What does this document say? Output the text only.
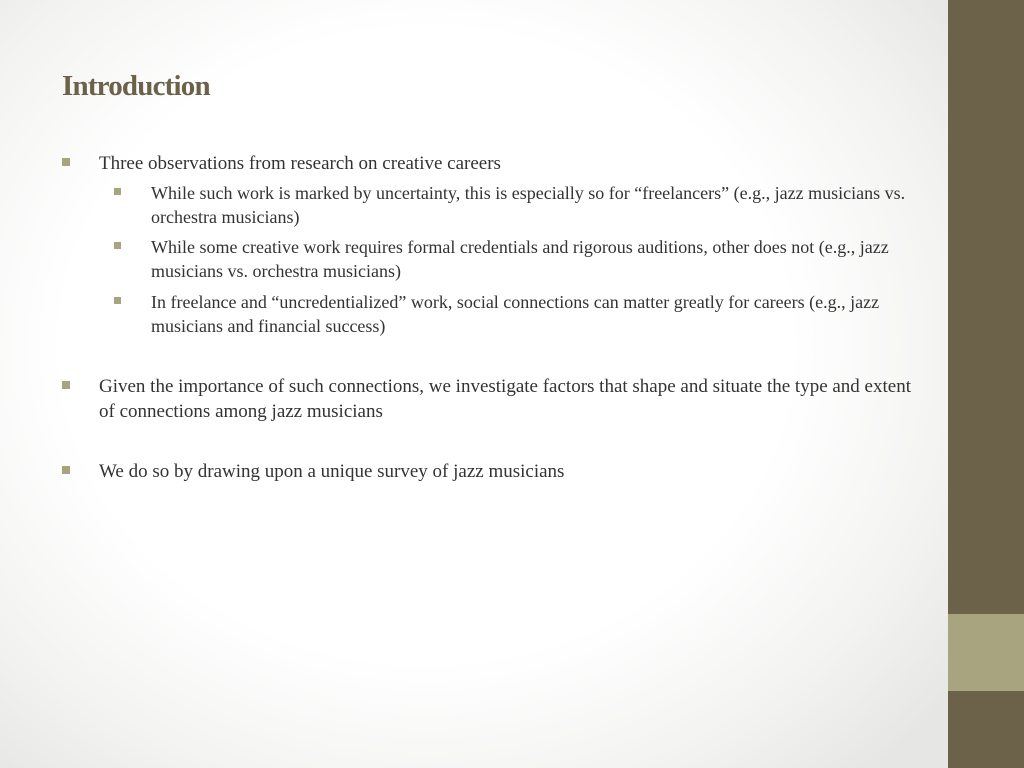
Introduction
Three observations from research on creative careers
While such work is marked by uncertainty, this is especially so for “freelancers” (e.g., jazz musicians vs. orchestra musicians)
While some creative work requires formal credentials and rigorous auditions, other does not (e.g., jazz musicians vs. orchestra musicians)
In freelance and “uncredentialized” work, social connections can matter greatly for careers (e.g., jazz musicians and financial success)
Given the importance of such connections, we investigate factors that shape and situate the type and extent of connections among jazz musicians
We do so by drawing upon a unique survey of jazz musicians
